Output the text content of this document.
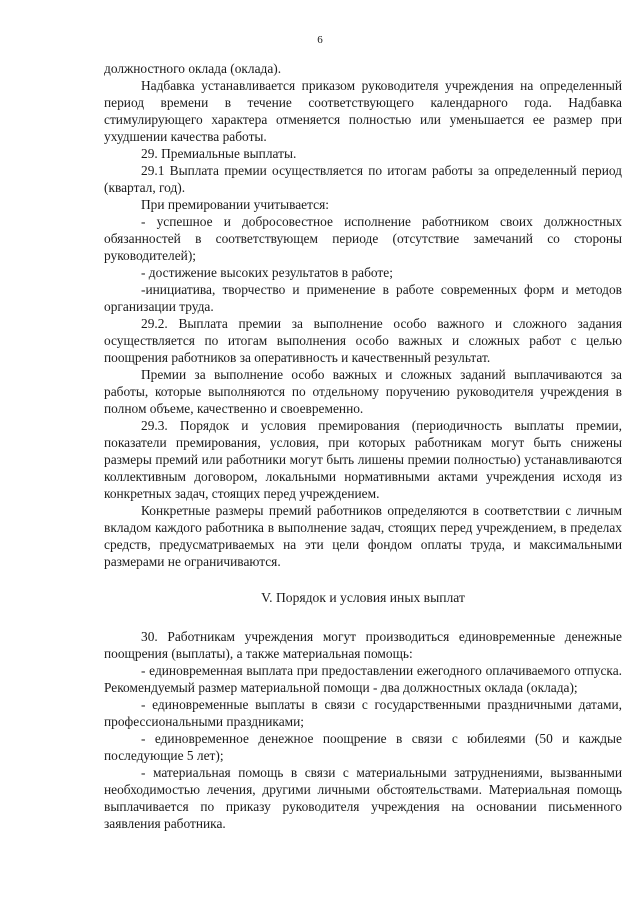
6

должностного оклада (оклада).

Надбавка устанавливается приказом руководителя учреждения на определенный период времени в течение соответствующего календарного года. Надбавка стимулирующего характера отменяется полностью или уменьшается ее размер при ухудшении качества работы.

29. Премиальные выплаты.

29.1 Выплата премии осуществляется по итогам работы за определенный период (квартал, год).

При премировании учитывается:

- успешное и добросовестное исполнение работником своих должностных обязанностей в соответствующем периоде (отсутствие замечаний со стороны руководителей);

- достижение высоких результатов в работе;

-инициатива, творчество и применение в работе современных форм и методов организации труда.

29.2. Выплата премии за выполнение особо важного и сложного задания осуществляется по итогам выполнения особо важных и сложных работ с целью поощрения работников за оперативность и качественный результат.

Премии за выполнение особо важных и сложных заданий выплачиваются за работы, которые выполняются по отдельному поручению руководителя учреждения в полном объеме, качественно и своевременно.

29.3. Порядок и условия премирования (периодичность выплаты премии, показатели премирования, условия, при которых работникам могут быть снижены размеры премий или работники могут быть лишены премии полностью) устанавливаются коллективным договором, локальными нормативными актами учреждения исходя из конкретных задач, стоящих перед учреждением.

Конкретные размеры премий работников определяются в соответствии с личным вкладом каждого работника в выполнение задач, стоящих перед учреждением, в пределах средств, предусматриваемых на эти цели фондом оплаты труда, и максимальными размерами не ограничиваются.

V. Порядок и условия иных выплат

30. Работникам учреждения могут производиться единовременные денежные поощрения (выплаты), а также материальная помощь:

- единовременная выплата при предоставлении ежегодного оплачиваемого отпуска. Рекомендуемый размер материальной помощи - два должностных оклада (оклада);

- единовременные выплаты в связи с государственными праздничными датами, профессиональными праздниками;

- единовременное денежное поощрение в связи с юбилеями (50 и каждые последующие 5 лет);

- материальная помощь в связи с материальными затруднениями, вызванными необходимостью лечения, другими личными обстоятельствами. Материальная помощь выплачивается по приказу руководителя учреждения на основании письменного заявления работника.
